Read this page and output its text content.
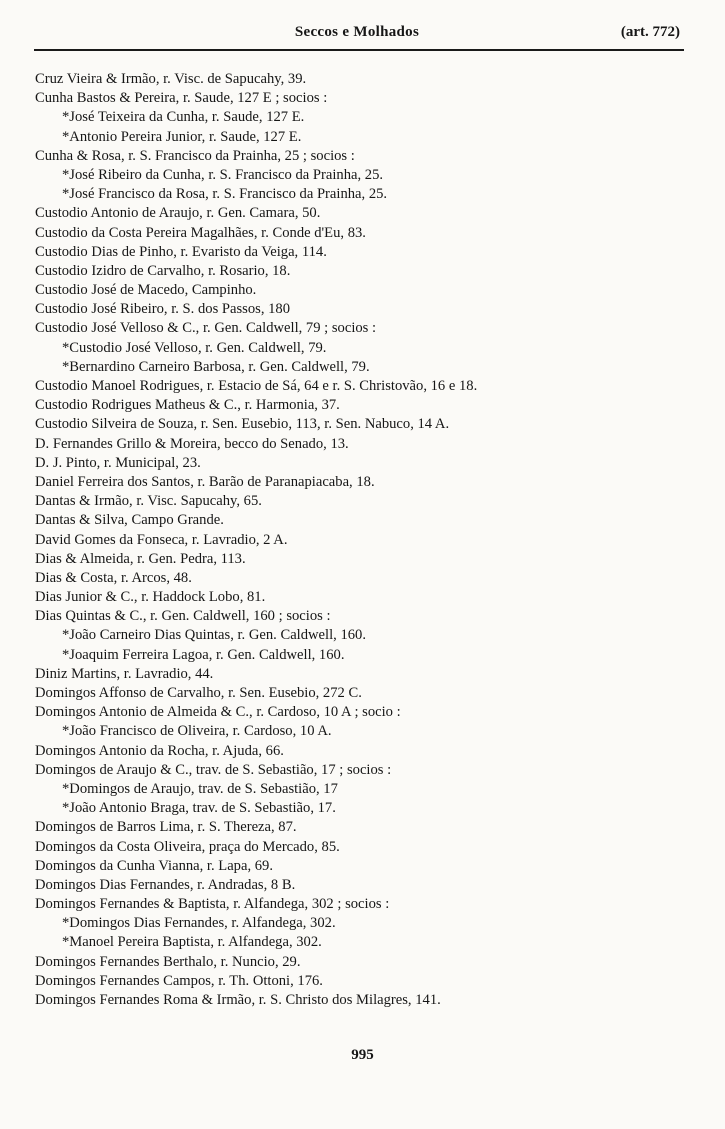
Seccos e Molhados	(art. 772)
Cruz Vieira & Irmão, r. Visc. de Sapucahy, 39.
Cunha Bastos & Pereira, r. Saude, 127 E ; socios :
*José Teixeira da Cunha, r. Saude, 127 E.
*Antonio Pereira Junior, r. Saude, 127 E.
Cunha & Rosa, r. S. Francisco da Prainha, 25 ; socios :
*José Ribeiro da Cunha, r. S. Francisco da Prainha, 25.
*José Francisco da Rosa, r. S. Francisco da Prainha, 25.
Custodio Antonio de Araujo, r. Gen. Camara, 50.
Custodio da Costa Pereira Magalhães, r. Conde d'Eu, 83.
Custodio Dias de Pinho, r. Evaristo da Veiga, 114.
Custodio Izidro de Carvalho, r. Rosario, 18.
Custodio José de Macedo, Campinho.
Custodio José Ribeiro, r. S. dos Passos, 180
Custodio José Velloso & C., r. Gen. Caldwell, 79 ; socios :
*Custodio José Velloso, r. Gen. Caldwell, 79.
*Bernardino Carneiro Barbosa, r. Gen. Caldwell, 79.
Custodio Manoel Rodrigues, r. Estacio de Sá, 64 e r. S. Christovão, 16 e 18.
Custodio Rodrigues Matheus & C., r. Harmonia, 37.
Custodio Silveira de Souza, r. Sen. Eusebio, 113, r. Sen. Nabuco, 14 A.
D. Fernandes Grillo & Moreira, becco do Senado, 13.
D. J. Pinto, r. Municipal, 23.
Daniel Ferreira dos Santos, r. Barão de Paranapiacaba, 18.
Dantas & Irmão, r. Visc. Sapucahy, 65.
Dantas & Silva, Campo Grande.
David Gomes da Fonseca, r. Lavradio, 2 A.
Dias & Almeida, r. Gen. Pedra, 113.
Dias & Costa, r. Arcos, 48.
Dias Junior & C., r. Haddock Lobo, 81.
Dias Quintas & C., r. Gen. Caldwell, 160 ; socios :
*João Carneiro Dias Quintas, r. Gen. Caldwell, 160.
*Joaquim Ferreira Lagoa, r. Gen. Caldwell, 160.
Diniz Martins, r. Lavradio, 44.
Domingos Affonso de Carvalho, r. Sen. Eusebio, 272 C.
Domingos Antonio de Almeida & C., r. Cardoso, 10 A ; socio :
*João Francisco de Oliveira, r. Cardoso, 10 A.
Domingos Antonio da Rocha, r. Ajuda, 66.
Domingos de Araujo & C., trav. de S. Sebastião, 17 ; socios :
*Domingos de Araujo, trav. de S. Sebastião, 17
*João Antonio Braga, trav. de S. Sebastião, 17.
Domingos de Barros Lima, r. S. Thereza, 87.
Domingos da Costa Oliveira, praça do Mercado, 85.
Domingos da Cunha Vianna, r. Lapa, 69.
Domingos Dias Fernandes, r. Andradas, 8 B.
Domingos Fernandes & Baptista, r. Alfandega, 302 ; socios :
*Domingos Dias Fernandes, r. Alfandega, 302.
*Manoel Pereira Baptista, r. Alfandega, 302.
Domingos Fernandes Berthalo, r. Nuncio, 29.
Domingos Fernandes Campos, r. Th. Ottoni, 176.
Domingos Fernandes Roma & Irmão, r. S. Christo dos Milagres, 141.
995
